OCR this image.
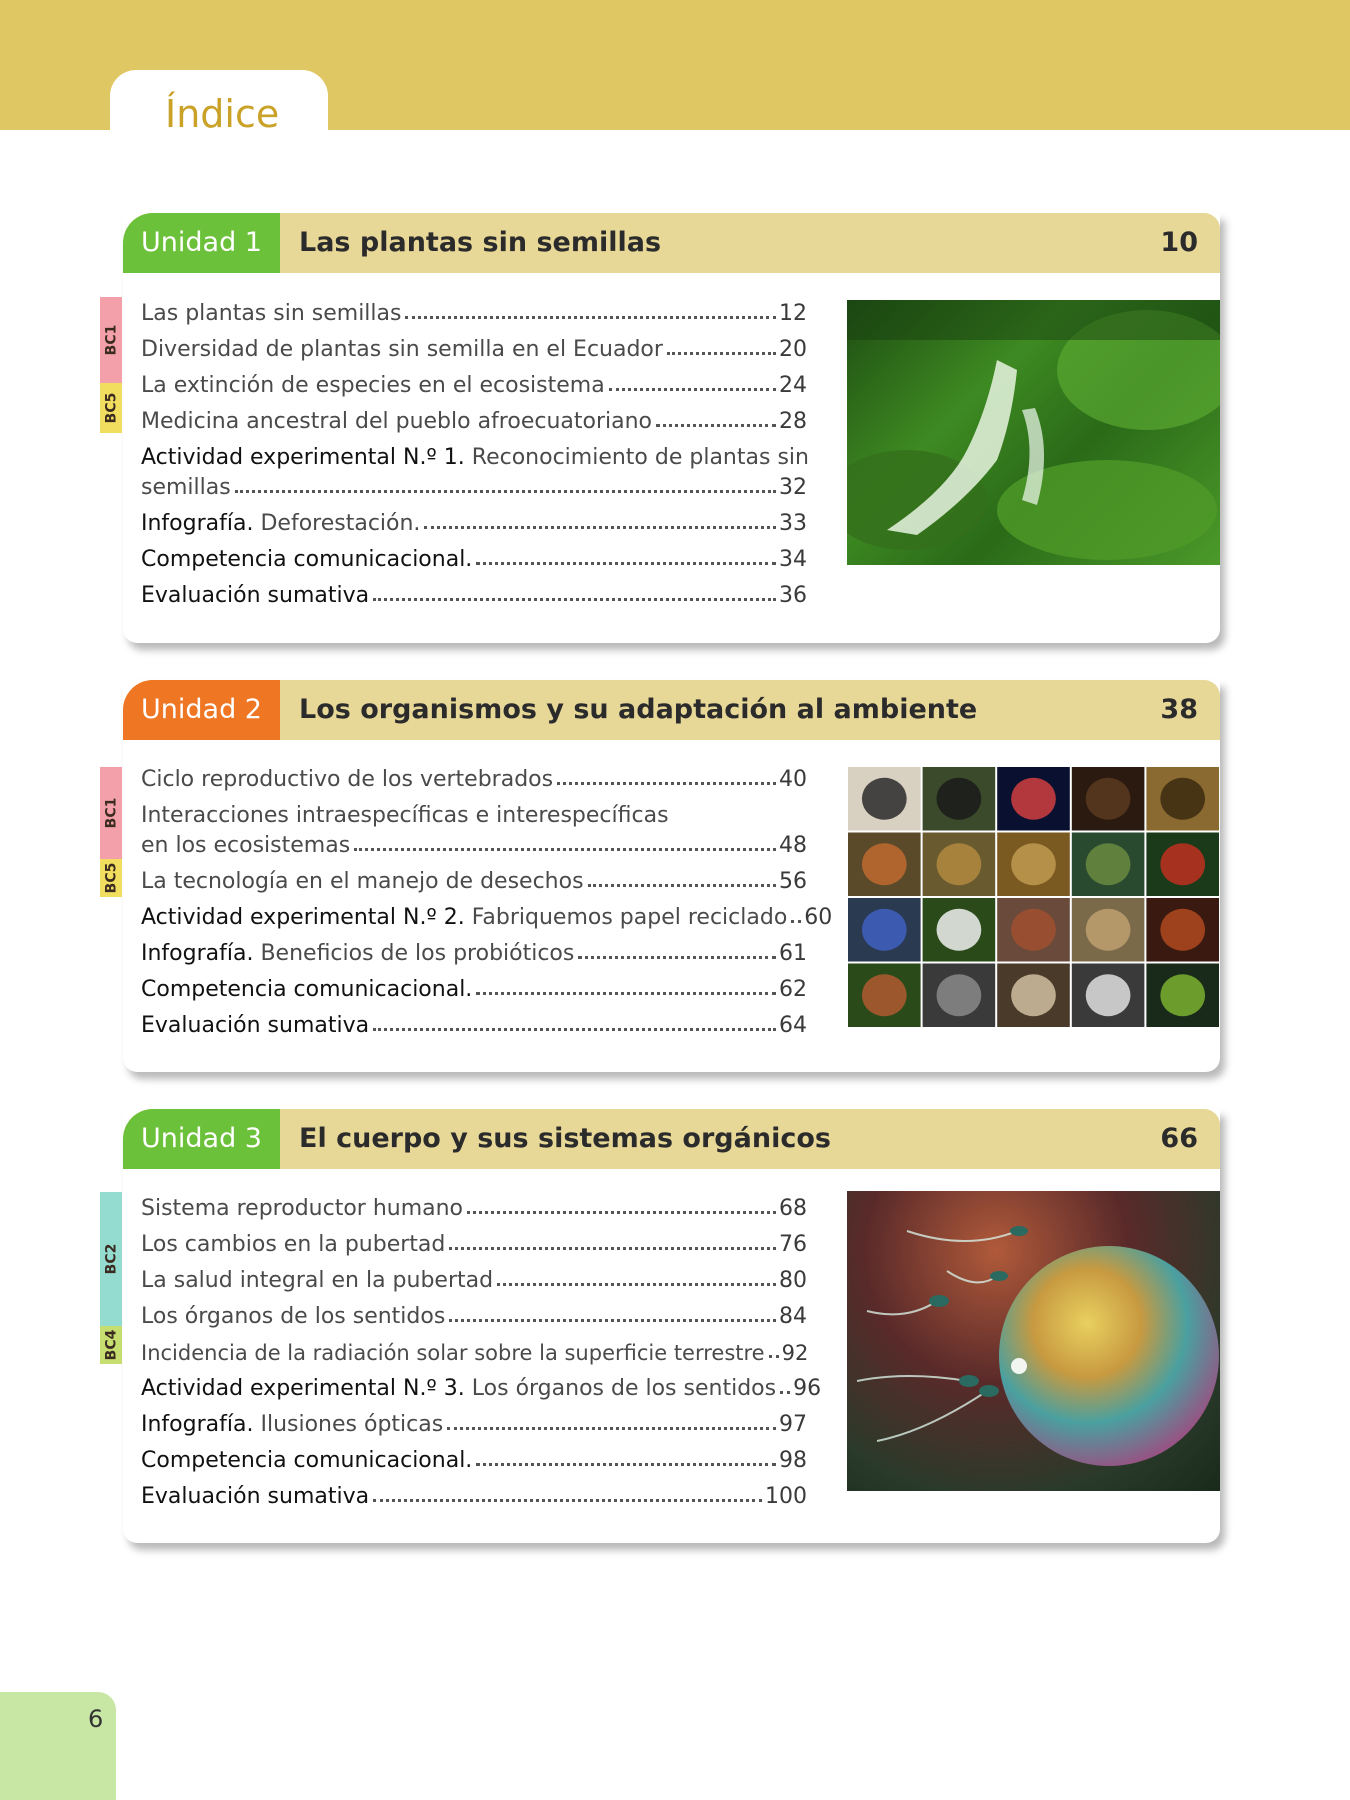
Índice
Unidad 1	Las plantas sin semillas	10
BC1
BC5
Las plantas sin semillas	12
Diversidad de plantas sin semilla en el Ecuador	20
La extinción de especies en el ecosistema	24
Medicina ancestral del pueblo afroecuatoriano	28
Actividad experimental N.º 1. Reconocimiento de plantas sin
semillas	32
Infografía. Deforestación.	33
Competencia comunicacional.	34
Evaluación sumativa	36
Unidad 2	Los organismos y su adaptación al ambiente	38
BC1
BC5
Ciclo reproductivo de los vertebrados	40
Interacciones intraespecíficas e interespecíficas
en los ecosistemas	48
La tecnología en el manejo de desechos	56
Actividad experimental N.º 2. Fabriquemos papel reciclado 60
Infografía. Beneficios de los probióticos	61
Competencia comunicacional.	62
Evaluación sumativa	64
Unidad 3	El cuerpo y sus sistemas orgánicos	66
BC2
BC4
Sistema reproductor humano	68
Los cambios en la pubertad	76
La salud integral en la pubertad	80
Los órganos de los sentidos	84
Incidencia de la radiación solar sobre la superficie terrestre 92
Actividad experimental N.º 3. Los órganos de los sentidos 96
Infografía. Ilusiones ópticas	97
Competencia comunicacional.	98
Evaluación sumativa	100
6
